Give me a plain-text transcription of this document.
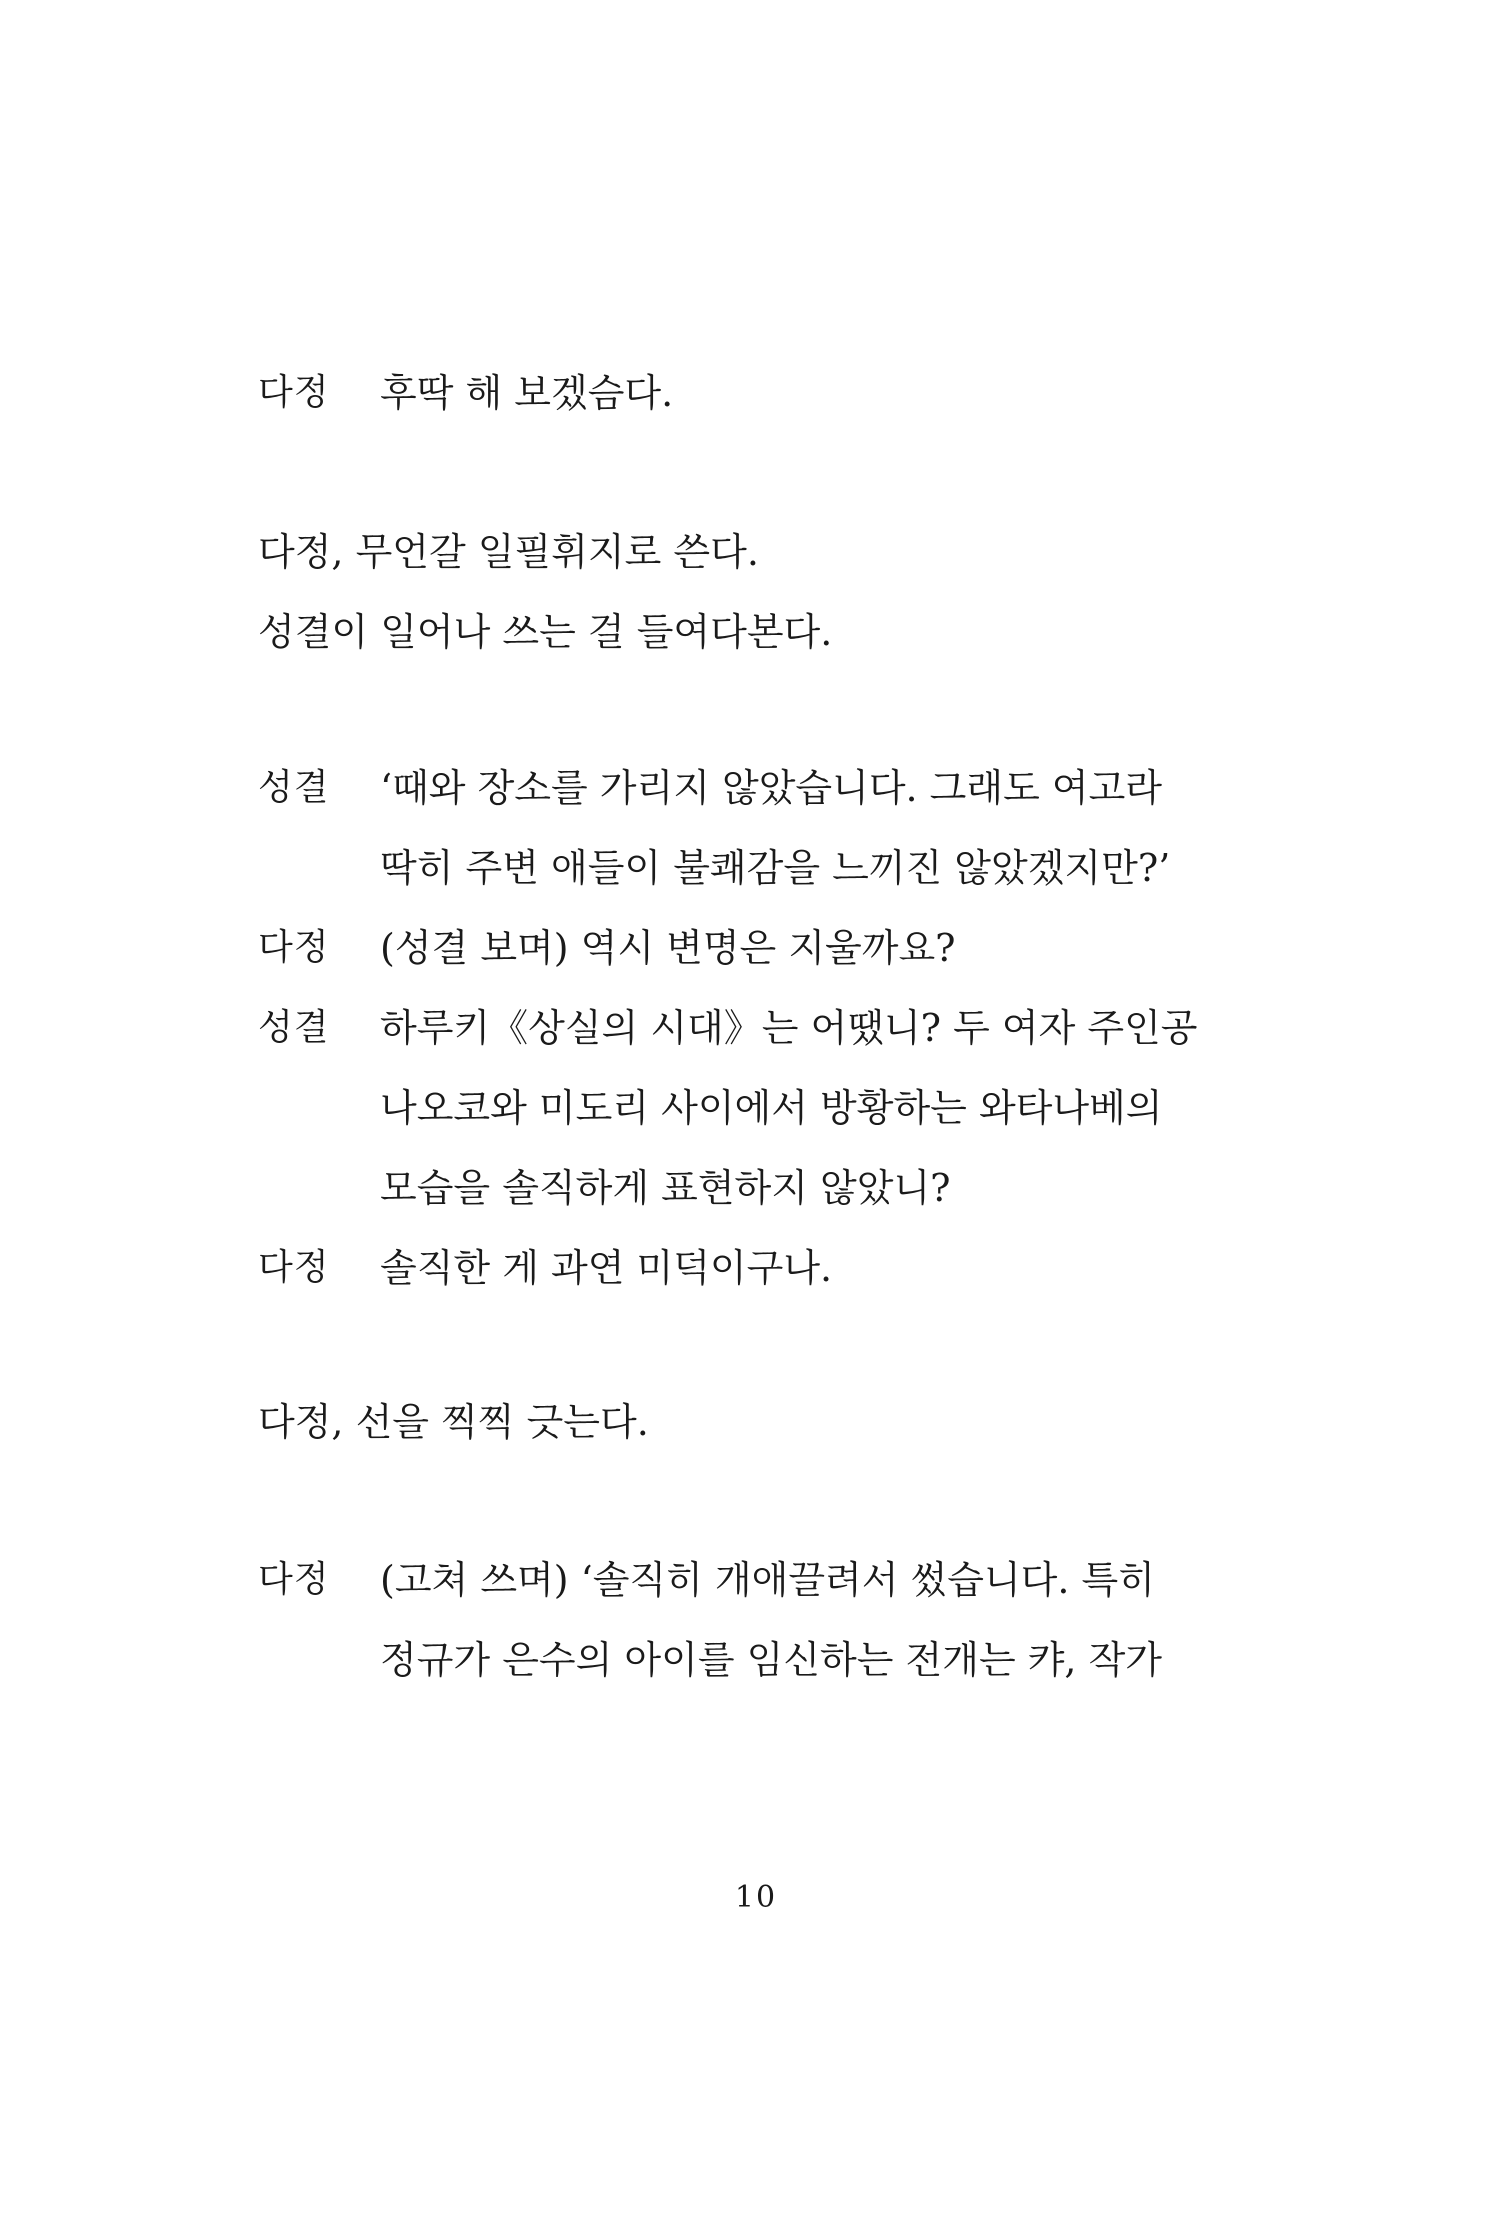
다정	후딱 해 보겠슴다.
다정, 무언갈 일필휘지로 쓴다.
성결이 일어나 쓰는 걸 들여다본다.
성결	‘때와 장소를 가리지 않았습니다. 그래도 여고라
딱히 주변 애들이 불쾌감을 느끼진 않았겠지만?’
다정	(성결 보며) 역시 변명은 지울까요?
성결	하루키《상실의 시대》는 어땠니? 두 여자 주인공
나오코와 미도리 사이에서 방황하는 와타나베의
모습을 솔직하게 표현하지 않았니?
다정	솔직한 게 과연 미덕이구나.
다정, 선을 찍찍 긋는다.
다정	(고쳐 쓰며) ‘솔직히 개애끌려서 썼습니다. 특히
정규가 은수의 아이를 임신하는 전개는 캬, 작가
10
